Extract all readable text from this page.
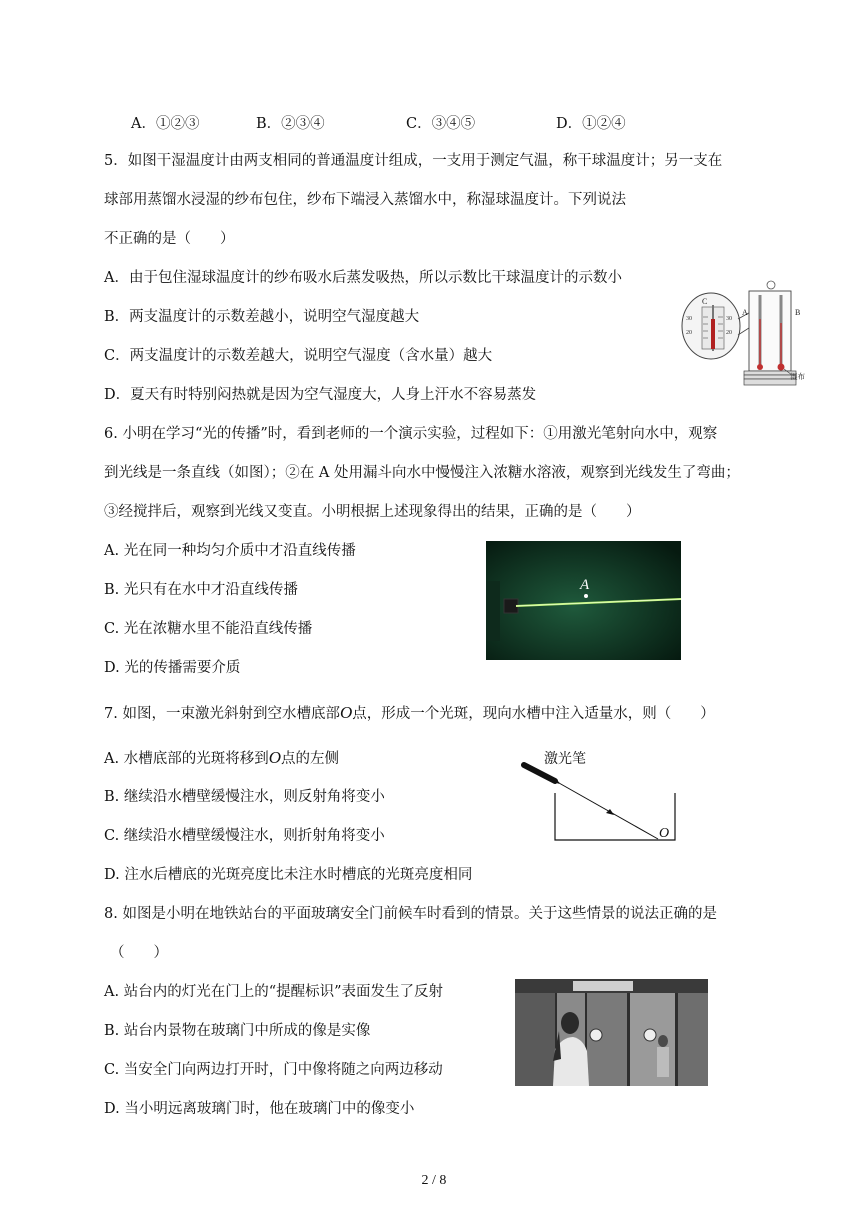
A．①②③	B．②③④	C．③④⑤	D．①②④
5．如图干湿温度计由两支相同的普通温度计组成，一支用于测定气温，称干球温度计；另一支在
球部用蒸馏水浸湿的纱布包住，纱布下端浸入蒸馏水中，称湿球温度计。下列说法
不正确的是（　　）
A．由于包住湿球温度计的纱布吸水后蒸发吸热，所以示数比干球温度计的示数小
B．两支温度计的示数差越小，说明空气湿度越大
C．两支温度计的示数差越大，说明空气湿度（含水量）越大
D．夏天有时特别闷热就是因为空气湿度大，人身上汗水不容易蒸发
C
30
20
30
20
A	B
湿布
6. 小明在学习“光的传播”时，看到老师的一个演示实验，过程如下：①用激光笔射向水中，观察
到光线是一条直线（如图）；②在 A 处用漏斗向水中慢慢注入浓糖水溶液，观察到光线发生了弯曲；
③经搅拌后，观察到光线又变直。小明根据上述现象得出的结果，正确的是（　　）
A. 光在同一种均匀介质中才沿直线传播
B. 光只有在水中才沿直线传播
C. 光在浓糖水里不能沿直线传播
D. 光的传播需要介质
A
7. 如图，一束激光斜射到空水槽底部O点，形成一个光斑，现向水槽中注入适量水，则（　　）
A. 水槽底部的光斑将移到O点的左侧
B. 继续沿水槽壁缓慢注水，则反射角将变小
C. 继续沿水槽壁缓慢注水，则折射角将变小
D. 注水后槽底的光斑亮度比未注水时槽底的光斑亮度相同
激光笔
O
8. 如图是小明在地铁站台的平面玻璃安全门前候车时看到的情景。关于这些情景的说法正确的是
（　　）
A. 站台内的灯光在门上的“提醒标识”表面发生了反射
B. 站台内景物在玻璃门中所成的像是实像
C. 当安全门向两边打开时，门中像将随之向两边移动
D. 当小明远离玻璃门时，他在玻璃门中的像变小
2 / 8
